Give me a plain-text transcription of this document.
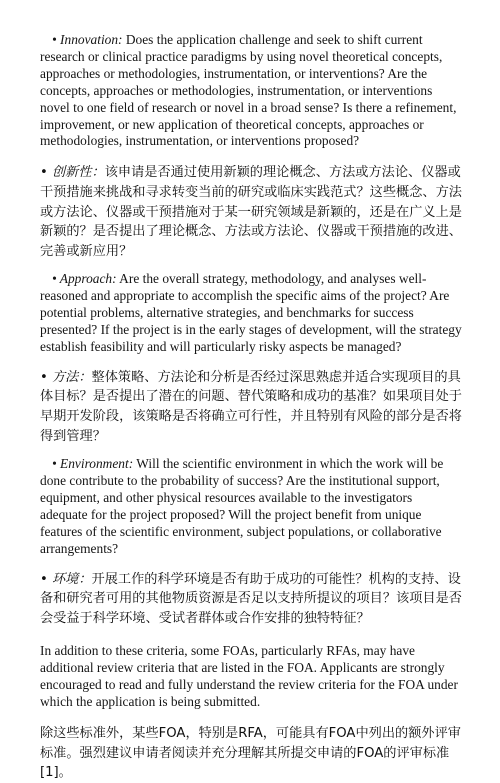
• Innovation: Does the application challenge and seek to shift current research or clinical practice paradigms by using novel theoretical concepts, approaches or methodologies, instrumentation, or interventions? Are the concepts, approaches or methodologies, instrumentation, or interventions novel to one field of research or novel in a broad sense? Is there a refinement, improvement, or new application of theoretical concepts, approaches or methodologies, instrumentation, or interventions proposed?

• 创新性：该申请是否通过使用新颖的理论概念、方法或方法论、仪器或干预措施来挑战和寻求转变当前的研究或临床实践范式？这些概念、方法或方法论、仪器或干预措施对于某一研究领域是新颖的，还是在广义上是新颖的？是否提出了理论概念、方法或方法论、仪器或干预措施的改进、完善或新应用？

• Approach: Are the overall strategy, methodology, and analyses well-reasoned and appropriate to accomplish the specific aims of the project? Are potential problems, alternative strategies, and benchmarks for success presented? If the project is in the early stages of development, will the strategy establish feasibility and will particularly risky aspects be managed?

• 方法：整体策略、方法论和分析是否经过深思熟虑并适合实现项目的具体目标？是否提出了潜在的问题、替代策略和成功的基准？如果项目处于早期开发阶段，该策略是否将确立可行性，并且特别有风险的部分是否将得到管理？

• Environment: Will the scientific environment in which the work will be done contribute to the probability of success? Are the institutional support, equipment, and other physical resources available to the investigators adequate for the project proposed? Will the project benefit from unique features of the scientific environment, subject populations, or collaborative arrangements?

• 环境：开展工作的科学环境是否有助于成功的可能性？机构的支持、设备和研究者可用的其他物质资源是否足以支持所提议的项目？该项目是否会受益于科学环境、受试者群体或合作安排的独特特征？

In addition to these criteria, some FOAs, particularly RFAs, may have additional review criteria that are listed in the FOA. Applicants are strongly encouraged to read and fully understand the review criteria for the FOA under which the application is being submitted.

除这些标准外，某些FOA，特别是RFA，可能具有FOA中列出的额外评审标准。强烈建议申请者阅读并充分理解其所提交申请的FOA的评审标准[1]。
